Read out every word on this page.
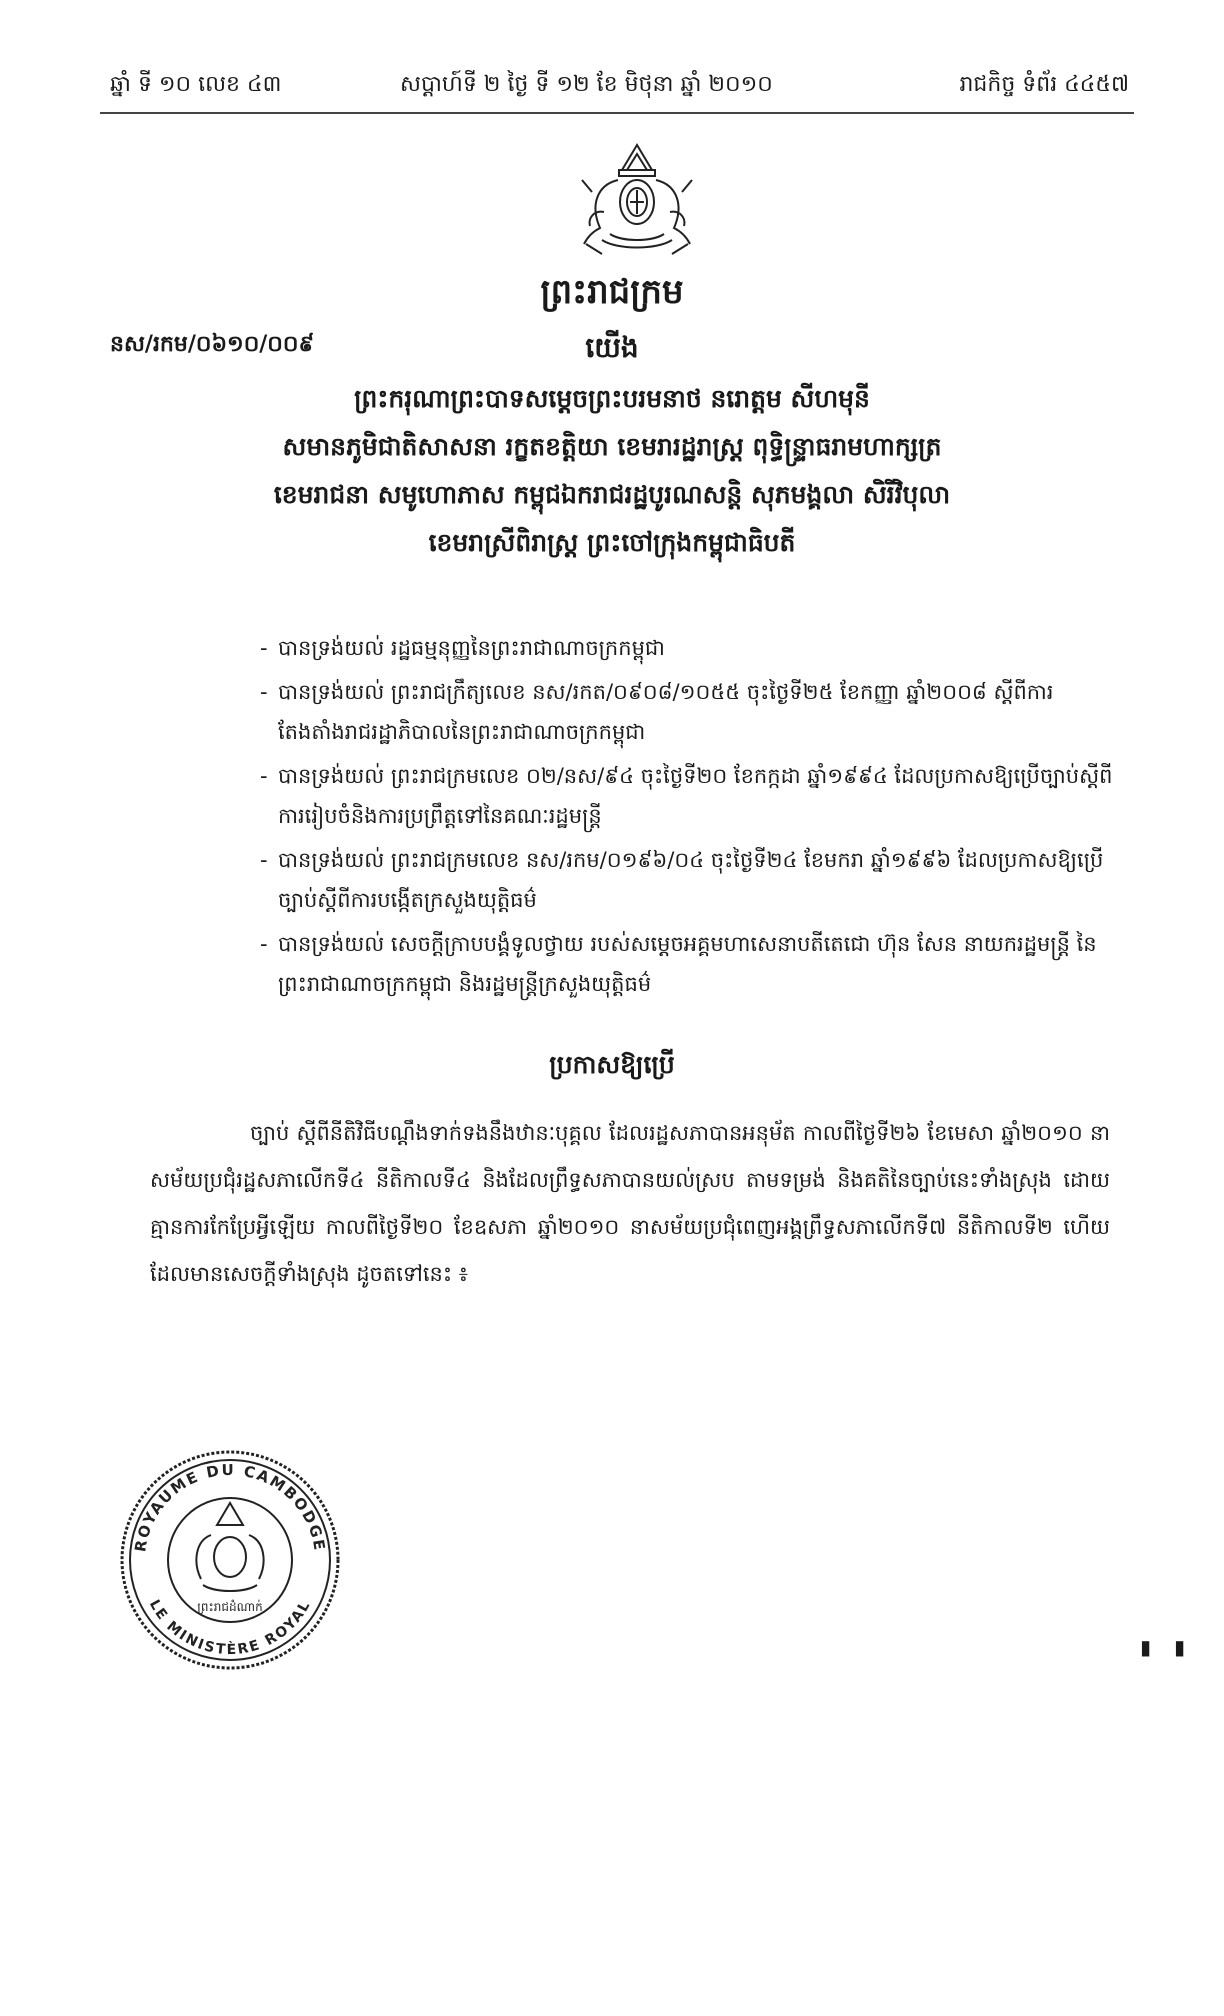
ឆ្នាំ ទី ១០ លេខ ៤៣	សប្តាហ៍ទី ២ ថ្ងៃ ទី ១២ ខែ មិថុនា ឆ្នាំ ២០១០	រាជកិច្ច ទំព័រ ៤៤៥៧
ព្រះរាជក្រម
នស/រកម/០៦១០/០០៩	យើង
ព្រះករុណាព្រះបាទសម្តេចព្រះបរមនាថ នរោត្តម សីហមុនី
សមានភូមិជាតិសាសនា រក្ខតខត្តិយា ខេមរារដ្ឋរាស្ត្រ ពុទ្ធិន្ទ្រាធរាមហាក្សត្រ
ខេមរាជនា សមូហោភាស កម្ពុជឯករាជរដ្ឋបូរណសន្តិ សុភមង្គលា សិរីវិបុលា
ខេមរាស្រីពិរាស្ត្រ ព្រះចៅក្រុងកម្ពុជាធិបតី
- បានទ្រង់យល់ រដ្ឋធម្មនុញ្ញនៃព្រះរាជាណាចក្រកម្ពុជា
- បានទ្រង់យល់ ព្រះរាជក្រឹត្យលេខ នស/រកត/០៩០៨/១០៥៥ ចុះថ្ងៃទី២៥ ខែកញ្ញា ឆ្នាំ២០០៨ ស្តីពីការតែងតាំងរាជរដ្ឋាភិបាលនៃព្រះរាជាណាចក្រកម្ពុជា
- បានទ្រង់យល់ ព្រះរាជក្រមលេខ ០២/នស/៩៤ ចុះថ្ងៃទី២០ ខែកក្កដា ឆ្នាំ១៩៩៤ ដែលប្រកាសឱ្យប្រើច្បាប់ស្តីពីការរៀបចំនិងការប្រព្រឹត្តទៅនៃគណៈរដ្ឋមន្ត្រី
- បានទ្រង់យល់ ព្រះរាជក្រមលេខ នស/រកម/០១៩៦/០៤ ចុះថ្ងៃទី២៤ ខែមករា ឆ្នាំ១៩៩៦ ដែលប្រកាសឱ្យប្រើច្បាប់ស្តីពីការបង្កើតក្រសួងយុត្តិធម៌
- បានទ្រង់យល់ សេចក្តីក្រាបបង្គំទូលថ្វាយ របស់សម្តេចអគ្គមហាសេនាបតីតេជោ ហ៊ុន សែន នាយករដ្ឋមន្ត្រី នៃព្រះរាជាណាចក្រកម្ពុជា និងរដ្ឋមន្ត្រីក្រសួងយុត្តិធម៌
ប្រកាសឱ្យប្រើ

ច្បាប់ ស្តីពីនីតិវិធីបណ្តឹងទាក់ទងនឹងឋានៈបុគ្គល ដែលរដ្ឋសភាបានអនុម័ត កាលពីថ្ងៃទី២៦ ខែមេសា ឆ្នាំ២០១០ នាសម័យប្រជុំរដ្ឋសភាលើកទី៤ នីតិកាលទី៤ និងដែលព្រឹទ្ធសភាបានយល់ស្រប តាមទម្រង់ និងគតិនៃច្បាប់នេះទាំងស្រុង ដោយគ្មានការកែប្រែអ្វីឡើយ កាលពីថ្ងៃទី២០ ខែឧសភា ឆ្នាំ២០១០ នាសម័យប្រជុំពេញអង្គព្រឹទ្ធសភាលើកទី៧ នីតិកាលទី២ ហើយដែលមានសេចក្តីទាំងស្រុង ដូចតទៅនេះ ៖

ROYAUME DU CAMBODGE
LE MINISTÈRE ROYAL
ព្រះរាជដំណាក់
▮ ▮
